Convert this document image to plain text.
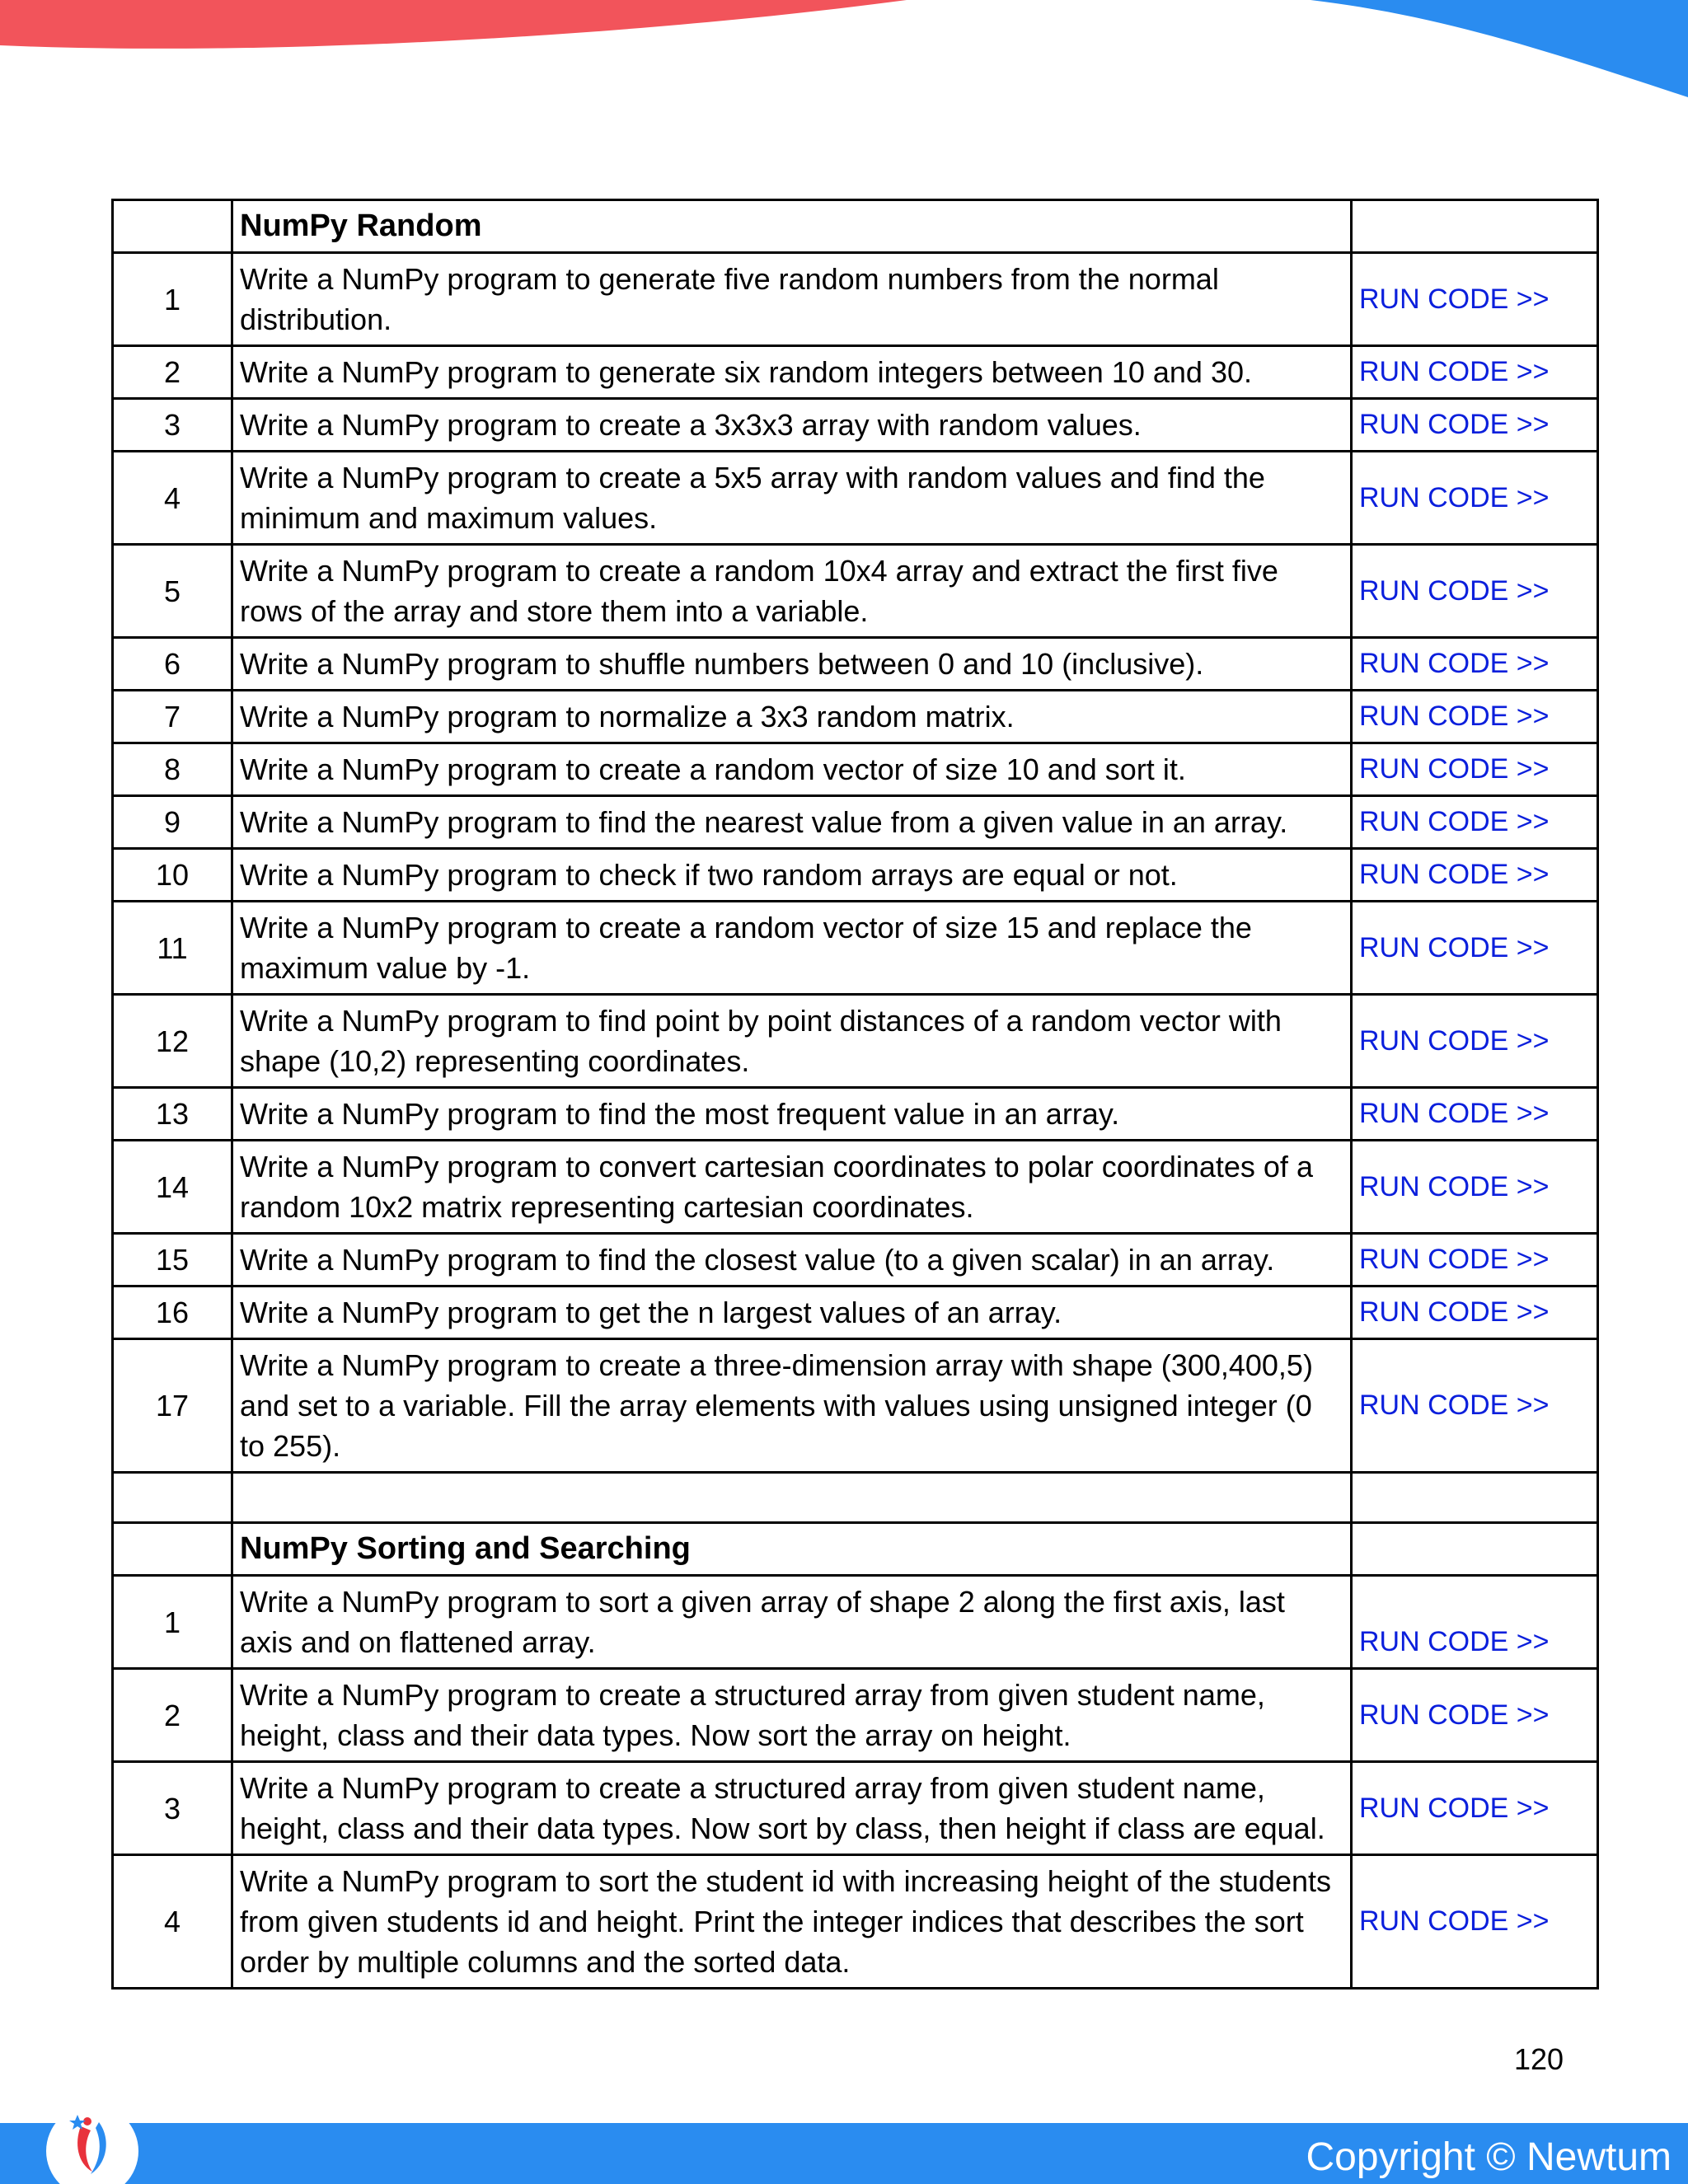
	NumPy Random	
1	Write a NumPy program to generate five random numbers from the normal distribution.	RUN CODE >>
2	Write a NumPy program to generate six random integers between 10 and 30.	RUN CODE >>
3	Write a NumPy program to create a 3x3x3 array with random values.	RUN CODE >>
4	Write a NumPy program to create a 5x5 array with random values and find the minimum and maximum values.	RUN CODE >>
5	Write a NumPy program to create a random 10x4 array and extract the first five rows of the array and store them into a variable.	RUN CODE >>
6	Write a NumPy program to shuffle numbers between 0 and 10 (inclusive).	RUN CODE >>
7	Write a NumPy program to normalize a 3x3 random matrix.	RUN CODE >>
8	Write a NumPy program to create a random vector of size 10 and sort it.	RUN CODE >>
9	Write a NumPy program to find the nearest value from a given value in an array.	RUN CODE >>
10	Write a NumPy program to check if two random arrays are equal or not.	RUN CODE >>
11	Write a NumPy program to create a random vector of size 15 and replace the maximum value by -1.	RUN CODE >>
12	Write a NumPy program to find point by point distances of a random vector with shape (10,2) representing coordinates.	RUN CODE >>
13	Write a NumPy program to find the most frequent value in an array.	RUN CODE >>
14	Write a NumPy program to convert cartesian coordinates to polar coordinates of a random 10x2 matrix representing cartesian coordinates.	RUN CODE >>
15	Write a NumPy program to find the closest value (to a given scalar) in an array.	RUN CODE >>
16	Write a NumPy program to get the n largest values of an array.	RUN CODE >>
17	Write a NumPy program to create a three-dimension array with shape (300,400,5) and set to a variable. Fill the array elements with values using unsigned integer (0 to 255).	RUN CODE >>

	NumPy Sorting and Searching	
1	Write a NumPy program to sort a given array of shape 2 along the first axis, last axis and on flattened array.	RUN CODE >>
2	Write a NumPy program to create a structured array from given student name, height, class and their data types. Now sort the array on height.	RUN CODE >>
3	Write a NumPy program to create a structured array from given student name, height, class and their data types. Now sort by class, then height if class are equal.	RUN CODE >>
4	Write a NumPy program to sort the student id with increasing height of the students from given students id and height. Print the integer indices that describes the sort order by multiple columns and the sorted data.	RUN CODE >>
120
Copyright © Newtum
